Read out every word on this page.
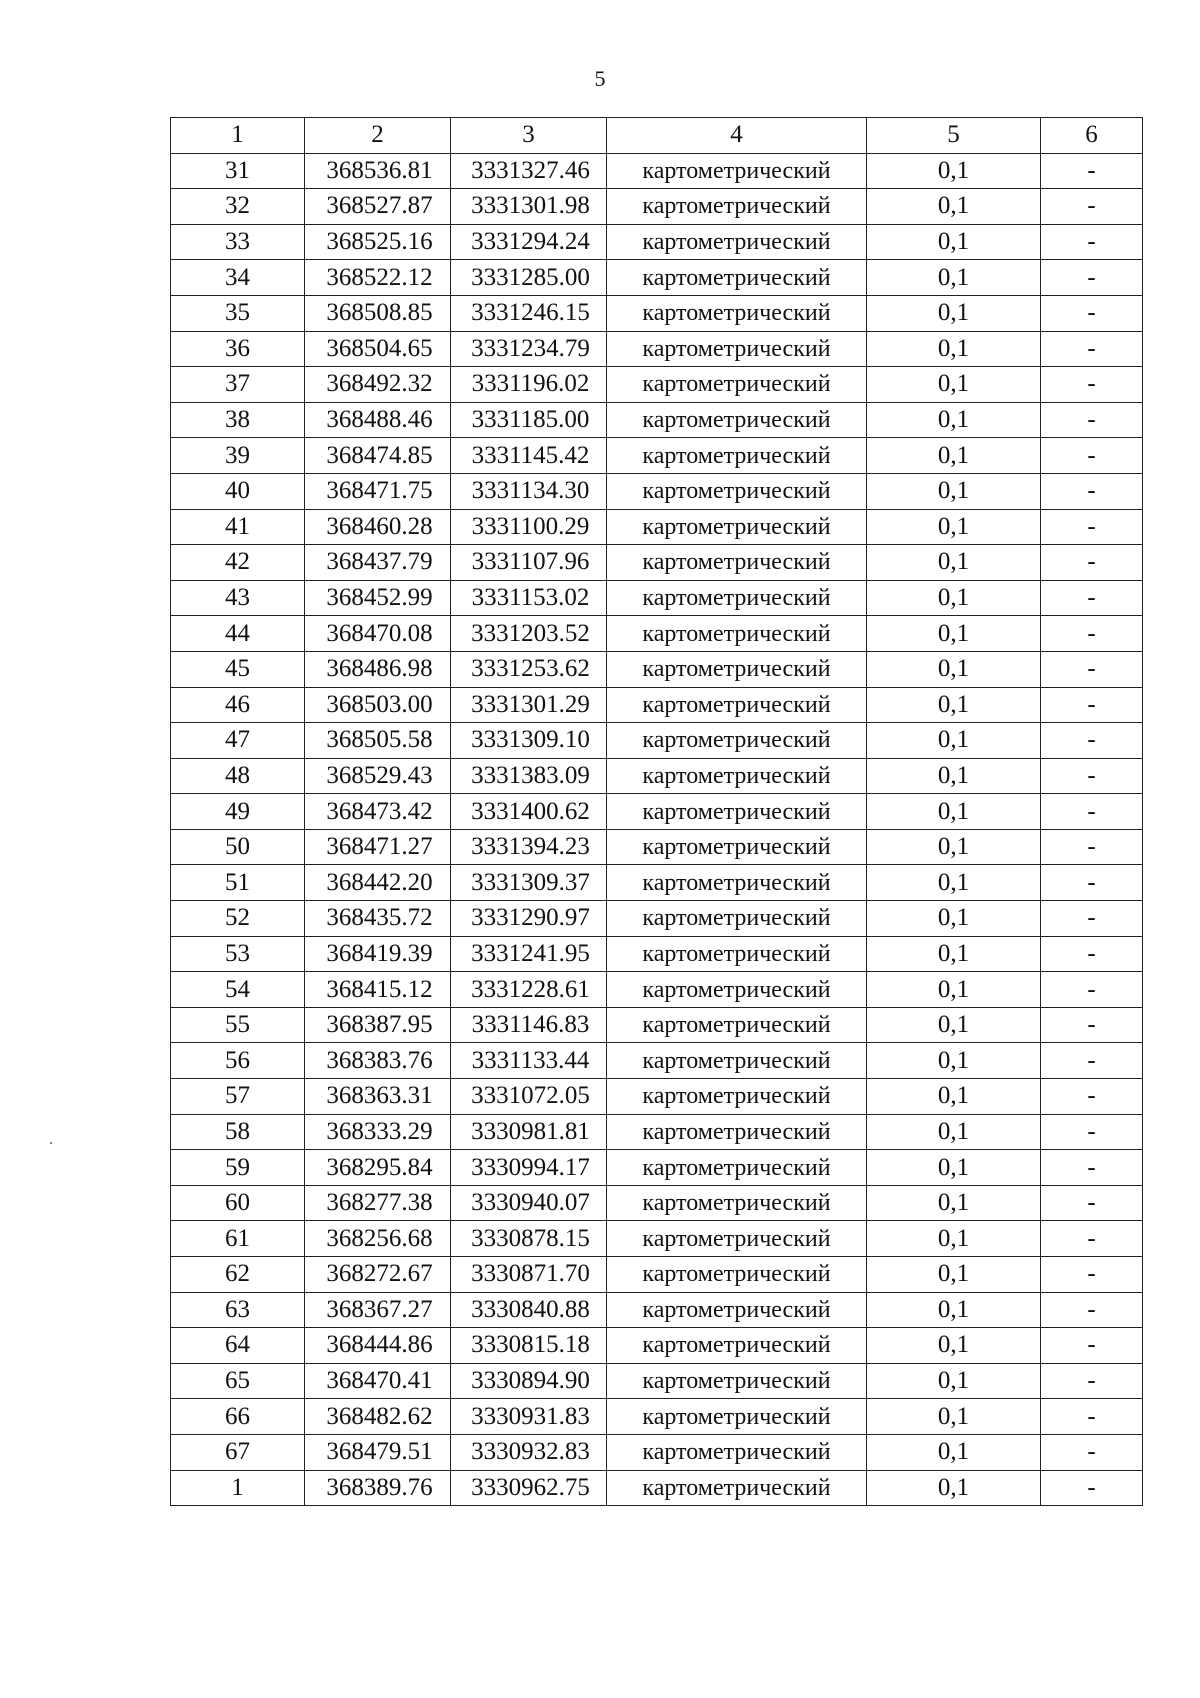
5
1	2	3	4	5	6
31	368536.81	3331327.46	картометрический	0,1	-
32	368527.87	3331301.98	картометрический	0,1	-
33	368525.16	3331294.24	картометрический	0,1	-
34	368522.12	3331285.00	картометрический	0,1	-
35	368508.85	3331246.15	картометрический	0,1	-
36	368504.65	3331234.79	картометрический	0,1	-
37	368492.32	3331196.02	картометрический	0,1	-
38	368488.46	3331185.00	картометрический	0,1	-
39	368474.85	3331145.42	картометрический	0,1	-
40	368471.75	3331134.30	картометрический	0,1	-
41	368460.28	3331100.29	картометрический	0,1	-
42	368437.79	3331107.96	картометрический	0,1	-
43	368452.99	3331153.02	картометрический	0,1	-
44	368470.08	3331203.52	картометрический	0,1	-
45	368486.98	3331253.62	картометрический	0,1	-
46	368503.00	3331301.29	картометрический	0,1	-
47	368505.58	3331309.10	картометрический	0,1	-
48	368529.43	3331383.09	картометрический	0,1	-
49	368473.42	3331400.62	картометрический	0,1	-
50	368471.27	3331394.23	картометрический	0,1	-
51	368442.20	3331309.37	картометрический	0,1	-
52	368435.72	3331290.97	картометрический	0,1	-
53	368419.39	3331241.95	картометрический	0,1	-
54	368415.12	3331228.61	картометрический	0,1	-
55	368387.95	3331146.83	картометрический	0,1	-
56	368383.76	3331133.44	картометрический	0,1	-
57	368363.31	3331072.05	картометрический	0,1	-
58	368333.29	3330981.81	картометрический	0,1	-
59	368295.84	3330994.17	картометрический	0,1	-
60	368277.38	3330940.07	картометрический	0,1	-
61	368256.68	3330878.15	картометрический	0,1	-
62	368272.67	3330871.70	картометрический	0,1	-
63	368367.27	3330840.88	картометрический	0,1	-
64	368444.86	3330815.18	картометрический	0,1	-
65	368470.41	3330894.90	картометрический	0,1	-
66	368482.62	3330931.83	картометрический	0,1	-
67	368479.51	3330932.83	картометрический	0,1	-
1	368389.76	3330962.75	картометрический	0,1	-
